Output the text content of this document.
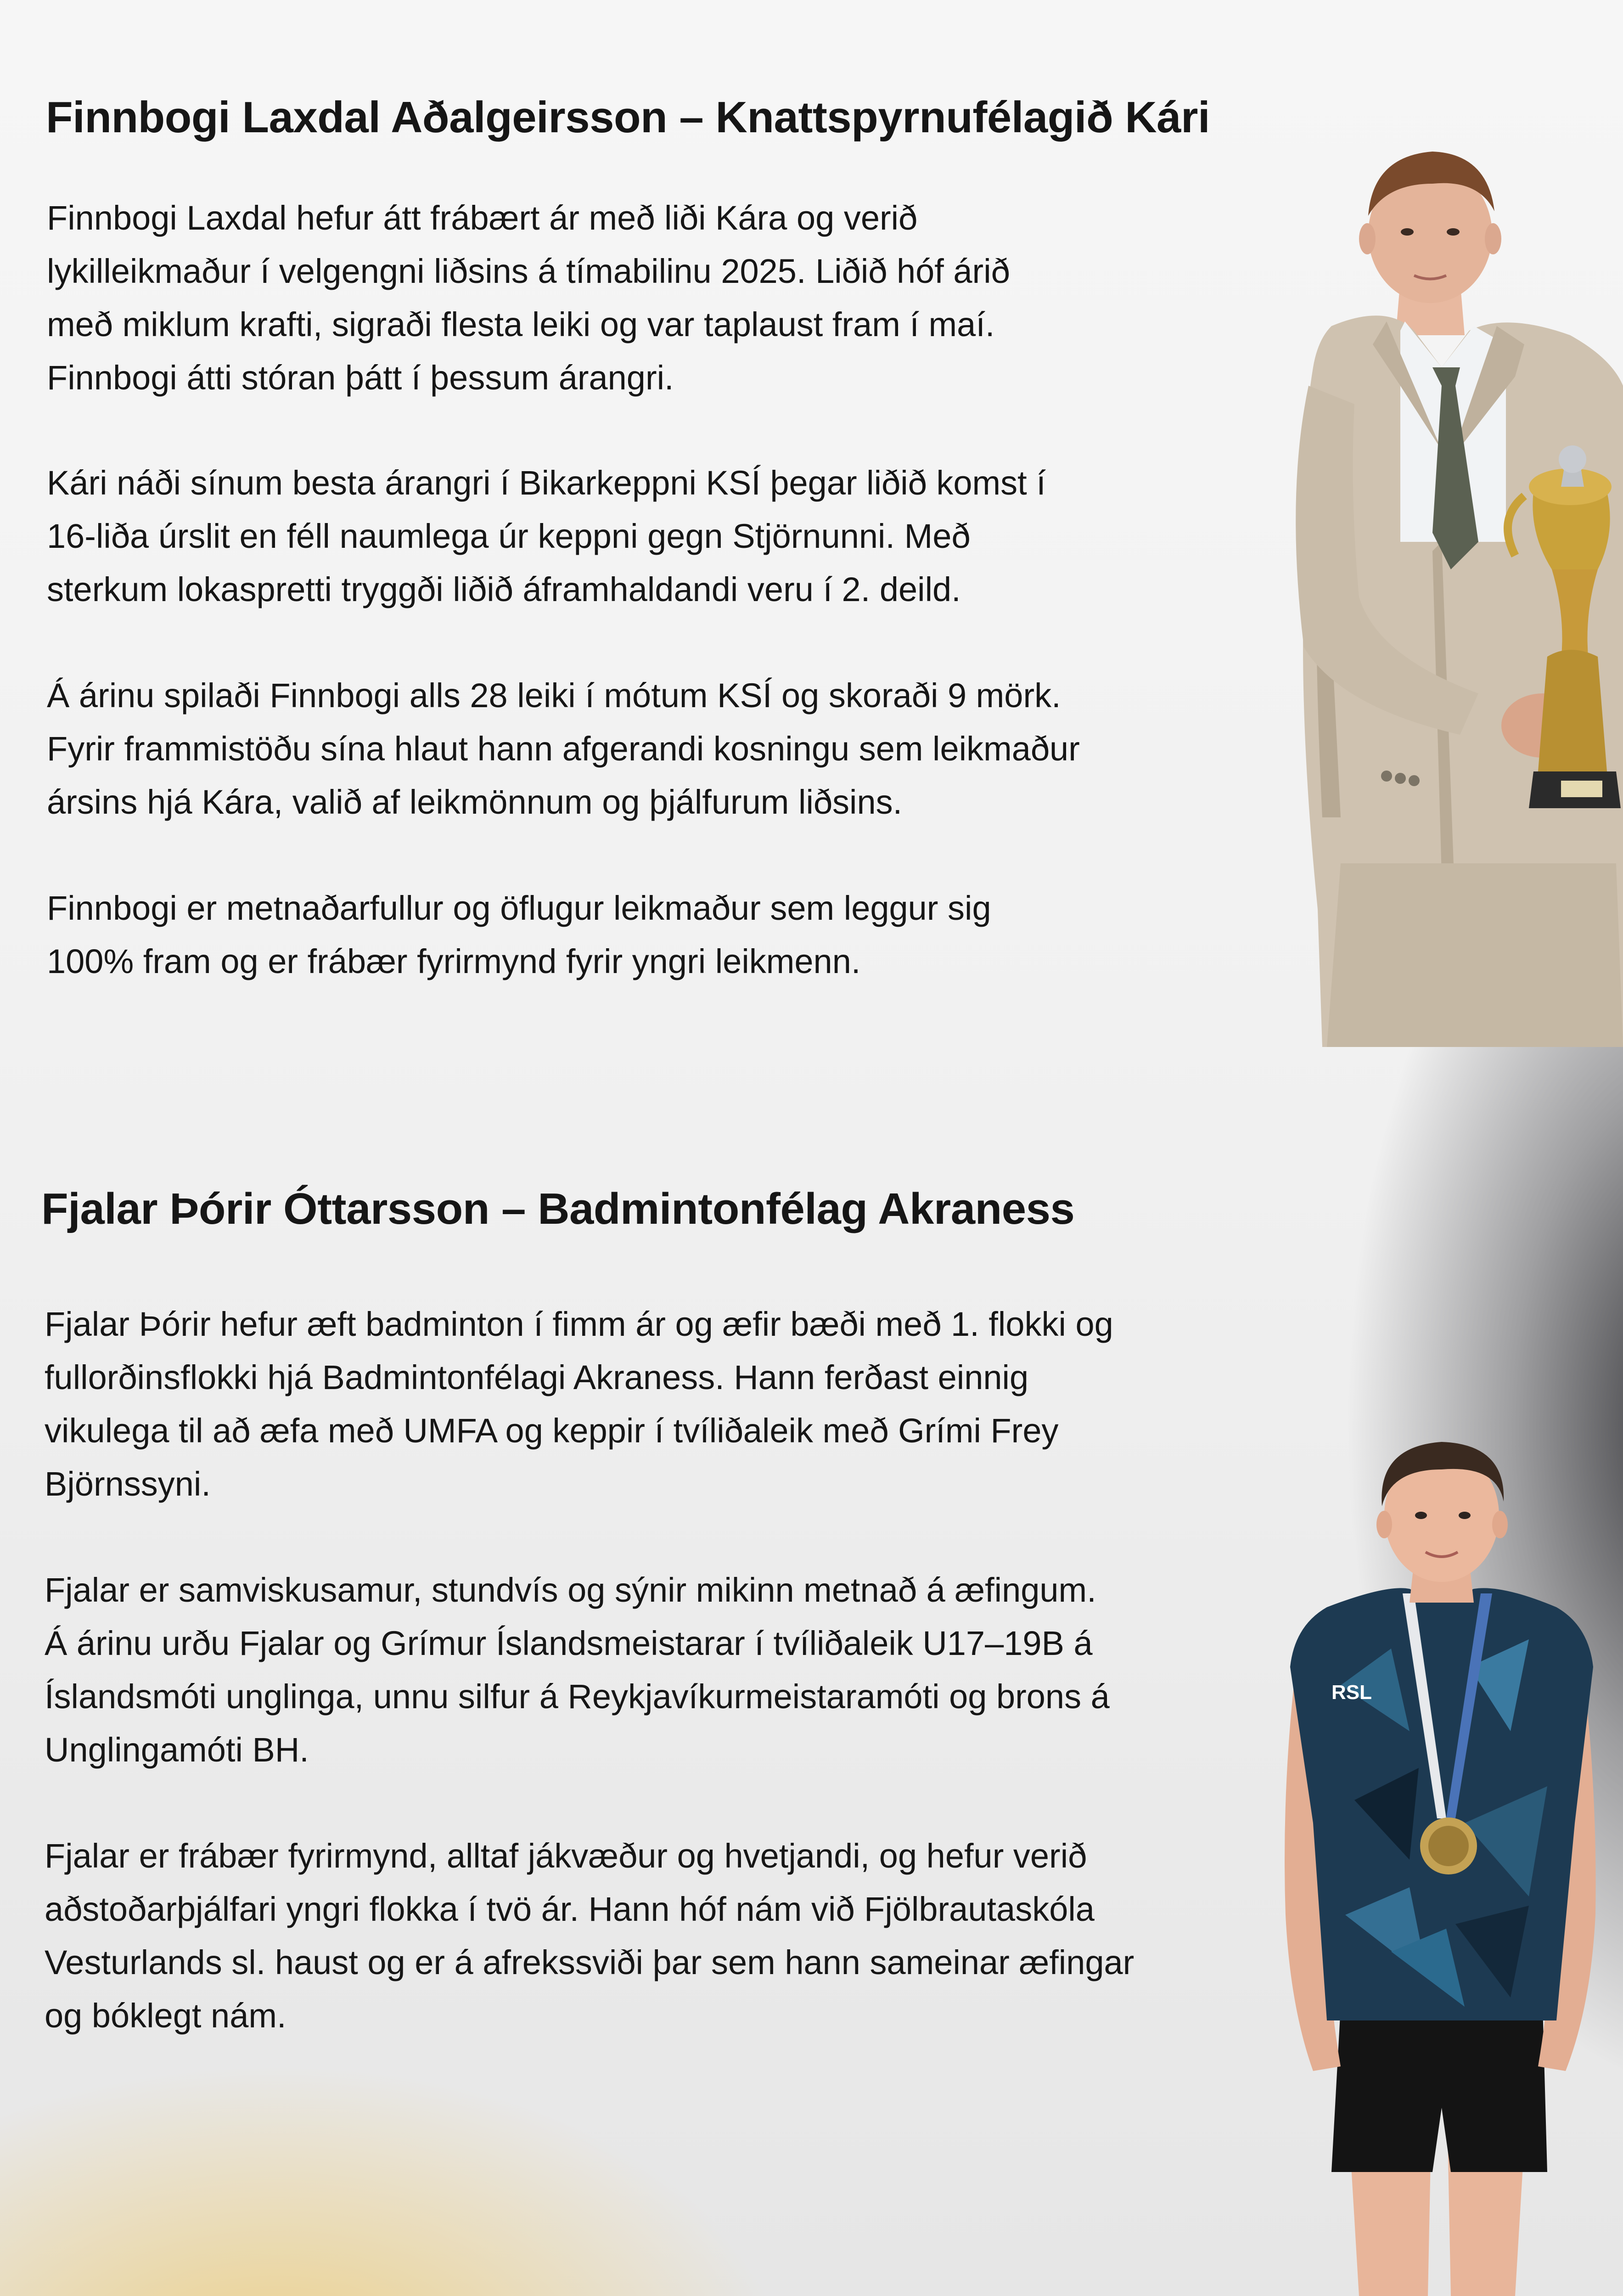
Finnbogi Laxdal Aðalgeirsson – Knattspyrnufélagið Kári

Finnbogi Laxdal hefur átt frábært ár með liði Kára og verið
lykilleikmaður í velgengni liðsins á tímabilinu 2025. Liðið hóf árið
með miklum krafti, sigraði flesta leiki og var taplaust fram í maí.
Finnbogi átti stóran þátt í þessum árangri.

Kári náði sínum besta árangri í Bikarkeppni KSÍ þegar liðið komst í
16-liða úrslit en féll naumlega úr keppni gegn Stjörnunni. Með
sterkum lokaspretti tryggði liðið áframhaldandi veru í 2. deild.

Á árinu spilaði Finnbogi alls 28 leiki í mótum KSÍ og skoraði 9 mörk.
Fyrir frammistöðu sína hlaut hann afgerandi kosningu sem leikmaður
ársins hjá Kára, valið af leikmönnum og þjálfurum liðsins.

Finnbogi er metnaðarfullur og öflugur leikmaður sem leggur sig
100% fram og er frábær fyrirmynd fyrir yngri leikmenn.

Fjalar Þórir Óttarsson – Badmintonfélag Akraness

Fjalar Þórir hefur æft badminton í fimm ár og æfir bæði með 1. flokki og
fullorðinsflokki hjá Badmintonfélagi Akraness. Hann ferðast einnig
vikulega til að æfa með UMFA og keppir í tvíliðaleik með Grími Frey
Björnssyni.

Fjalar er samviskusamur, stundvís og sýnir mikinn metnað á æfingum.
Á árinu urðu Fjalar og Grímur Íslandsmeistarar í tvíliðaleik U17–19B á
Íslandsmóti unglinga, unnu silfur á Reykjavíkurmeistaramóti og brons á
Unglingamóti BH.

Fjalar er frábær fyrirmynd, alltaf jákvæður og hvetjandi, og hefur verið
aðstoðarþjálfari yngri flokka í tvö ár. Hann hóf nám við Fjölbrautaskóla
Vesturlands sl. haust og er á afrekssviði þar sem hann sameinar æfingar
og bóklegt nám.

RSL
